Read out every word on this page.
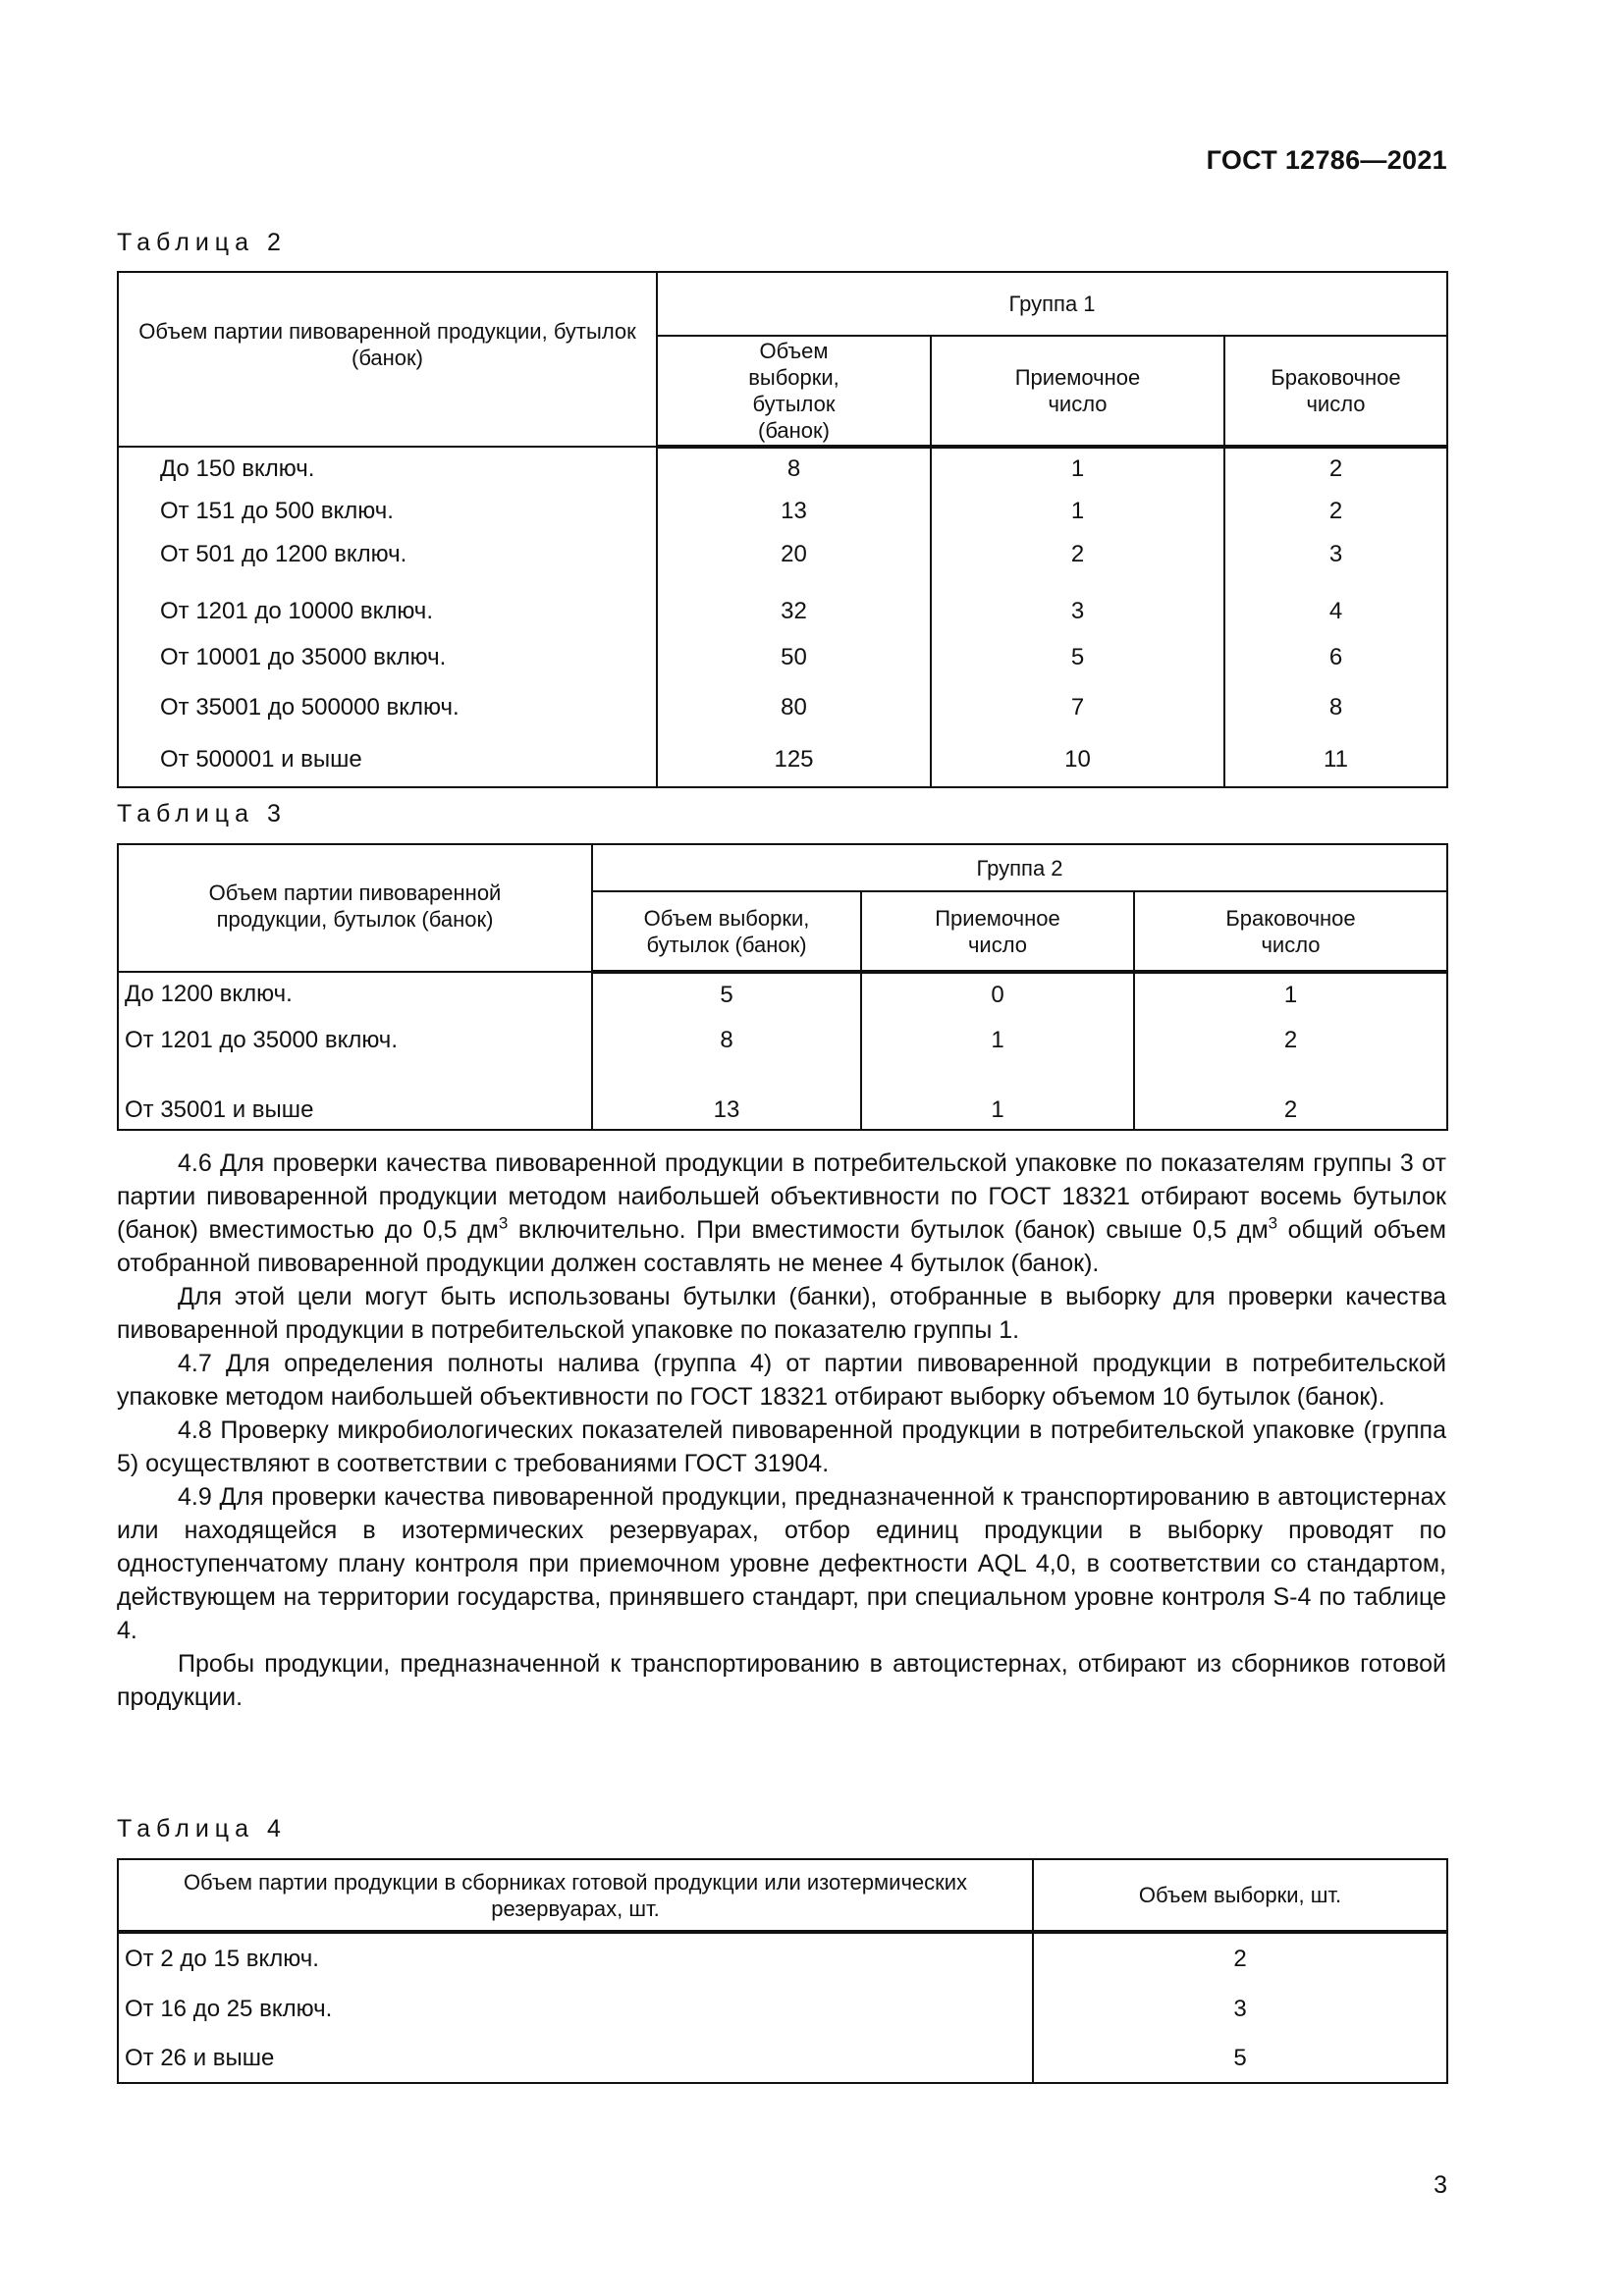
ГОСТ 12786—2021
Таблица 2
Объем партии пивоваренной продукции, бутылок (банок)	Группа 1		

	Объем выборки, бутылок (банок)	Приемочное число	Браковочное число

До 150 включ.	8	1	2
От 151 до 500 включ.	13	1	2
От 501 до 1200 включ.	20	2	3
От 1201 до 10000 включ.	32	3	4
От 10001 до 35000 включ.	50	5	6
От 35001 до 500000 включ.	80	7	8
От 500001 и выше	125	10	11
Таблица 3
Объем партии пивоваренной продукции, бутылок (банок)	Группа 2		

	Объем выборки, бутылок (банок)	Приемочное число	Браковочное число

До 1200 включ.	5	0	1
От 1201 до 35000 включ.	8	1	2
От 35001 и выше	13	1	2

4.6 Для проверки качества пивоваренной продукции в потребительской упаковке по показателям группы 3 от партии пивоваренной продукции методом наибольшей объективности по ГОСТ 18321 отбирают восемь бутылок (банок) вместимостью до 0,5 $дм^3$ включительно. При вместимости бутылок (банок) свыше 0,5 $дм^3$ общий объем отобранной пивоваренной продукции должен составлять не менее 4 бутылок (банок).

Для этой цели могут быть использованы бутылки (банки), отобранные в выборку для проверки качества пивоваренной продукции в потребительской упаковке по показателю группы 1.

4.7 Для определения полноты налива (группа 4) от партии пивоваренной продукции в потребительской упаковке методом наибольшей объективности по ГОСТ 18321 отбирают выборку объемом 10 бутылок (банок).

4.8 Проверку микробиологических показателей пивоваренной продукции в потребительской упаковке (группа 5) осуществляют в соответствии с требованиями ГОСТ 31904.

4.9 Для проверки качества пивоваренной продукции, предназначенной к транспортированию в автоцистернах или находящейся в изотермических резервуарах, отбор единиц продукции в выборку проводят по одноступенчатому плану контроля при приемочном уровне дефектности AQL 4,0, в соответствии со стандартом, действующем на территории государства, принявшего стандарт, при специальном уровне контроля S-4 по таблице 4.

Пробы продукции, предназначенной к транспортированию в автоцистернах, отбирают из сборников готовой продукции.

Таблица 4
Объем партии продукции в сборниках готовой продукции или изотермических резервуарах, шт.	Объем выборки, шт.
От 2 до 15 включ.	2
От 16 до 25 включ.	3
От 26 и выше	5
3
